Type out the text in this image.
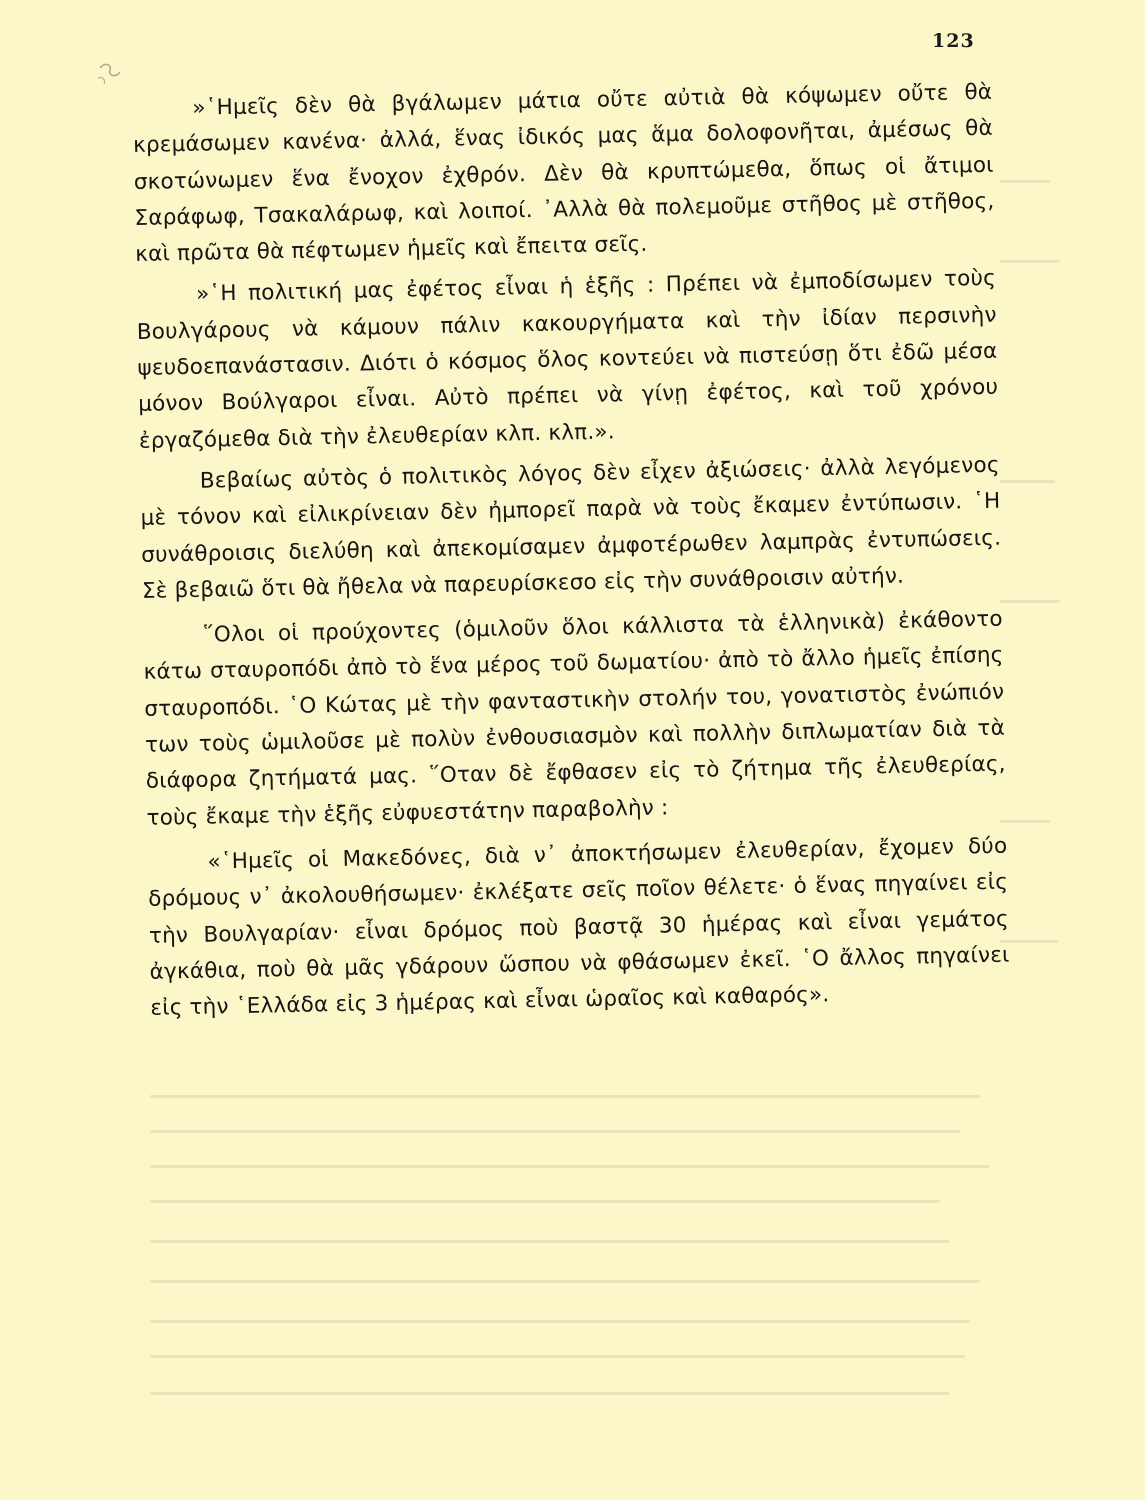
123

»῾Ημεῖς δὲν θὰ βγάλωμεν μάτια οὔτε αὐτιὰ θὰ κόψωμεν οὔτε θὰ κρεμάσωμεν κανένα· ἀλλά, ἕνας ἰδικός μας ἅμα δολοφονῆται, ἀμέσως θὰ σκοτώνωμεν ἕνα ἔνοχον ἐχθρόν. Δὲν θὰ κρυπτώμεθα, ὅπως οἱ ἄτιμοι Σαράφωφ, Τσακαλάρωφ, καὶ λοιποί. ᾿Αλλὰ θὰ πολεμοῦμε στῆθος μὲ στῆθος, καὶ πρῶτα θὰ πέφτωμεν ἡμεῖς καὶ ἔπειτα σεῖς.

»῾Η πολιτική μας ἐφέτος εἶναι ἡ ἑξῆς : Πρέπει νὰ ἐμποδίσωμεν τοὺς Βουλγάρους νὰ κάμουν πάλιν κακουργήματα καὶ τὴν ἰδίαν περσινὴν ψευδοεπανάστασιν. Διότι ὁ κόσμος ὅλος κοντεύει νὰ πιστεύσῃ ὅτι ἐδῶ μέσα μόνον Βούλγαροι εἶναι. Αὐτὸ πρέπει νὰ γίνῃ ἐφέτος, καὶ τοῦ χρόνου ἐργαζόμεθα διὰ τὴν ἐλευθερίαν κλπ. κλπ.».

Βεβαίως αὐτὸς ὁ πολιτικὸς λόγος δὲν εἶχεν ἀξιώσεις· ἀλλὰ λεγόμενος μὲ τόνον καὶ εἰλικρίνειαν δὲν ἠμπορεῖ παρὰ νὰ τοὺς ἔκαμεν ἐντύπωσιν. ῾Η συνάθροισις διελύθη καὶ ἀπεκομίσαμεν ἀμφοτέρωθεν λαμπρὰς ἐντυπώσεις. Σὲ βεβαιῶ ὅτι θὰ ἤθελα νὰ παρευρίσκεσο εἰς τὴν συνάθροισιν αὐτήν.

῞Ολοι οἱ πρoύχοντες (ὁμιλοῦν ὅλοι κάλλιστα τὰ ἑλληνικὰ) ἐκάθοντο κάτω σταυροπόδι ἀπὸ τὸ ἕνα μέρος τοῦ δωματίου· ἀπὸ τὸ ἄλλο ἡμεῖς ἐπίσης σταυροπόδι. ῾Ο Κώτας μὲ τὴν φανταστικὴν στολήν του, γονατιστὸς ἐνώπιόν των τοὺς ὡμιλοῦσε μὲ πολὺν ἐνθουσιασμὸν καὶ πολλὴν διπλωματίαν διὰ τὰ διάφορα ζητήματά μας. ῞Οταν δὲ ἔφθασεν εἰς τὸ ζήτημα τῆς ἐλευθερίας, τοὺς ἔκαμε τὴν ἑξῆς εὐφυεστάτην παραβολὴν :

«῾Ημεῖς οἱ Μακεδόνες, διὰ ν᾿ ἀποκτήσωμεν ἐλευθερίαν, ἔχομεν δύο δρόμους ν᾿ ἀκολουθήσωμεν· ἐκλέξατε σεῖς ποῖον θέλετε· ὁ ἕνας πηγαίνει εἰς τὴν Βουλγαρίαν· εἶναι δρόμος ποὺ βαστᾷ 30 ἡμέρας καὶ εἶναι γεμάτος ἀγκάθια, ποὺ θὰ μᾶς γδάρουν ὥσπου νὰ φθάσωμεν ἐκεῖ. ῾Ο ἄλλος πηγαίνει εἰς τὴν ῾Ελλάδα εἰς 3 ἡμέρας καὶ εἶναι ὡραῖος καὶ καθαρός».
